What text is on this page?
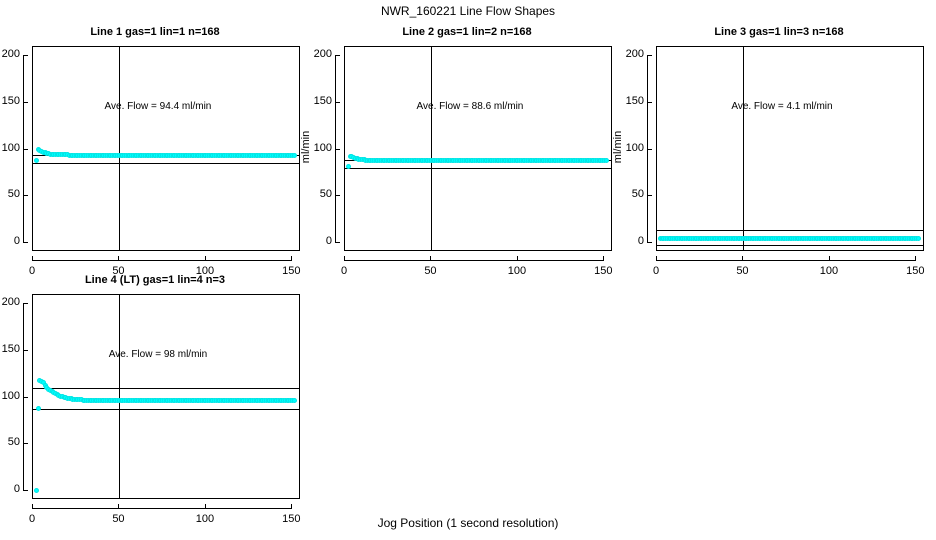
NWR_160221 Line Flow Shapes
Line 1 gas=1 lin=1 n=168
Ave. Flow = 94.4 ml/min
0
50
100
150
200
0	50	100	150
Line 2 gas=1 lin=2 n=168
Ave. Flow = 88.6 ml/min
0
50
100
150
200
0	50	100	150
ml/min
Line 3 gas=1 lin=3 n=168
Ave. Flow = 4.1 ml/min
0
50
100
150
200
0	50	100	150
ml/min
Line 4 (LT) gas=1 lin=4 n=3
Ave. Flow = 98 ml/min
0
50
100
150
200
0	50	100	150	Jog Position (1 second resolution)
